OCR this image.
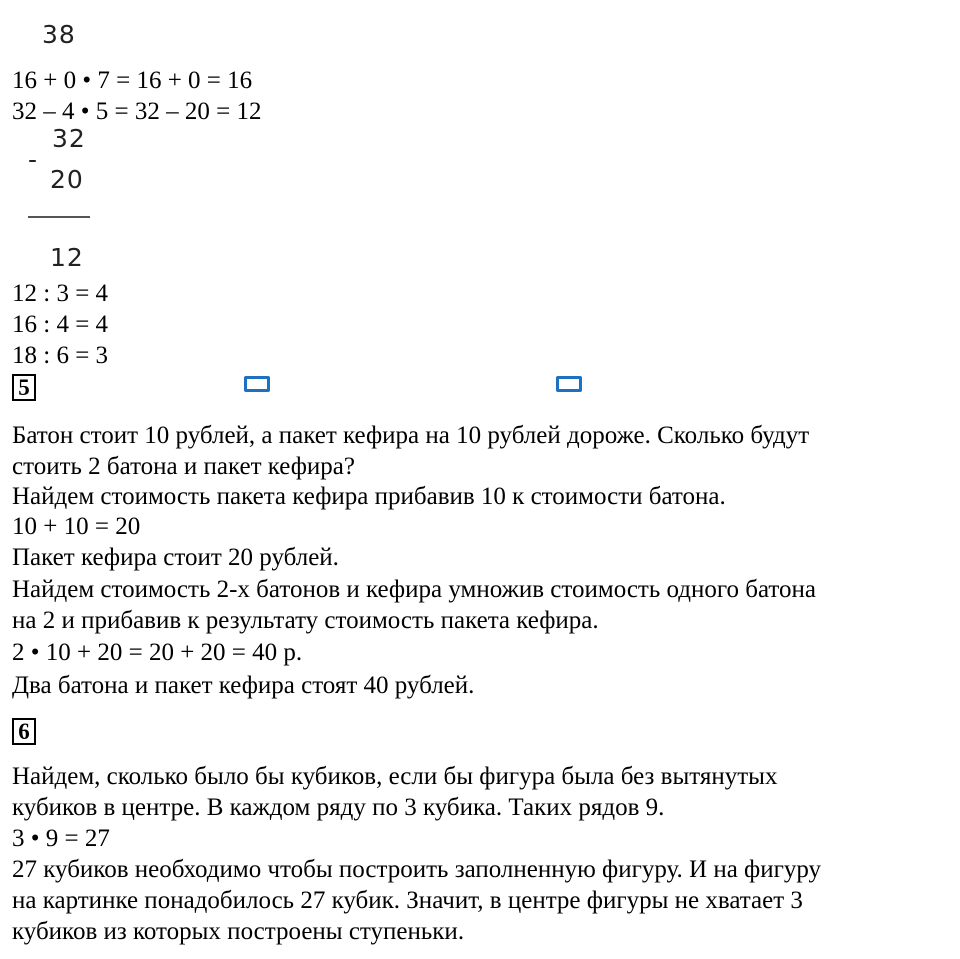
38
16 + 0 • 7 = 16 + 0 = 16
32 – 4 • 5 = 32 – 20 = 12
-
32
20
12
12 : 3 = 4
16 : 4 = 4
18 : 6 = 3
5
Батон стоит 10 рублей, а пакет кефира на 10 рублей дороже. Сколько будут
стоить 2 батона и пакет кефира?
Найдем стоимость пакета кефира прибавив 10 к стоимости батона.
10 + 10 = 20
Пакет кефира стоит 20 рублей.
Найдем стоимость 2-х батонов и кефира умножив стоимость одного батона
на 2 и прибавив к результату стоимость пакета кефира.
2 • 10 + 20 = 20 + 20 = 40 р.
Два батона и пакет кефира стоят 40 рублей.
6
Найдем, сколько было бы кубиков, если бы фигура была без вытянутых
кубиков в центре. В каждом ряду по 3 кубика. Таких рядов 9.
3 • 9 = 27
27 кубиков необходимо чтобы построить заполненную фигуру. И на фигуру
на картинке понадобилось 27 кубик. Значит, в центре фигуры не хватает 3
кубиков из которых построены ступеньки.
